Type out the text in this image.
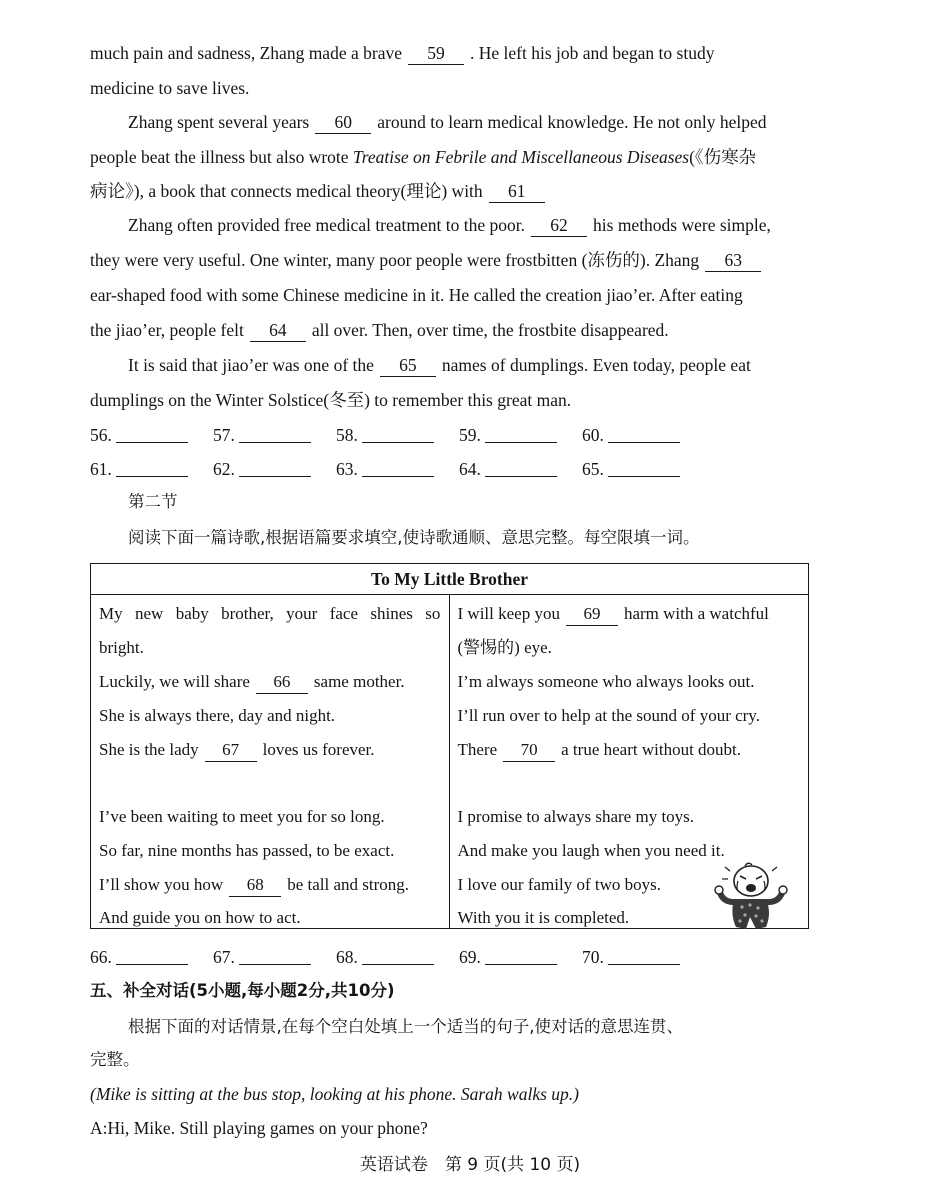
much pain and sadness, Zhang made a brave 59 . He left his job and began to study
medicine to save lives.
Zhang spent several years 60 around to learn medical knowledge. He not only helped
people beat the illness but also wrote Treatise on Febrile and Miscellaneous Diseases(《伤寒杂
病论》), a book that connects medical theory(理论) with 61
Zhang often provided free medical treatment to the poor. 62 his methods were simple,
they were very useful. One winter, many poor people were frostbitten (冻伤的). Zhang 63
ear-shaped food with some Chinese medicine in it. He called the creation jiao’er. After eating
the jiao’er, people felt 64 all over. Then, over time, the frostbite disappeared.
It is said that jiao’er was one of the 65 names of dumplings. Even today, people eat
dumplings on the Winter Solstice(冬至) to remember this great man.
56.	57.	58.	59.	60.
61.	62.	63.	64.	65.
第二节
阅读下面一篇诗歌,根据语篇要求填空,使诗歌通顺、意思完整。每空限填一词。
To My Little Brother
My new baby brother, your face shines so
bright.
Luckily, we will share 66 same mother.
She is always there, day and night.
She is the lady 67 loves us forever.
I’ve been waiting to meet you for so long.
So far, nine months has passed, to be exact.
I’ll show you how 68 be tall and strong.
And guide you on how to act.
I will keep you 69 harm with a watchful
(警惕的) eye.
I’m always someone who always looks out.
I’ll run over to help at the sound of your cry.
There 70 a true heart without doubt.
I promise to always share my toys.
And make you laugh when you need it.
I love our family of two boys.
With you it is completed.
66.	67.	68.	69.	70.
五、补全对话(5小题,每小题2分,共10分)
根据下面的对话情景,在每个空白处填上一个适当的句子,使对话的意思连贯、
完整。
(Mike is sitting at the bus stop, looking at his phone. Sarah walks up.)
A:Hi, Mike. Still playing games on your phone?
英语试卷　第 9 页(共 10 页)
